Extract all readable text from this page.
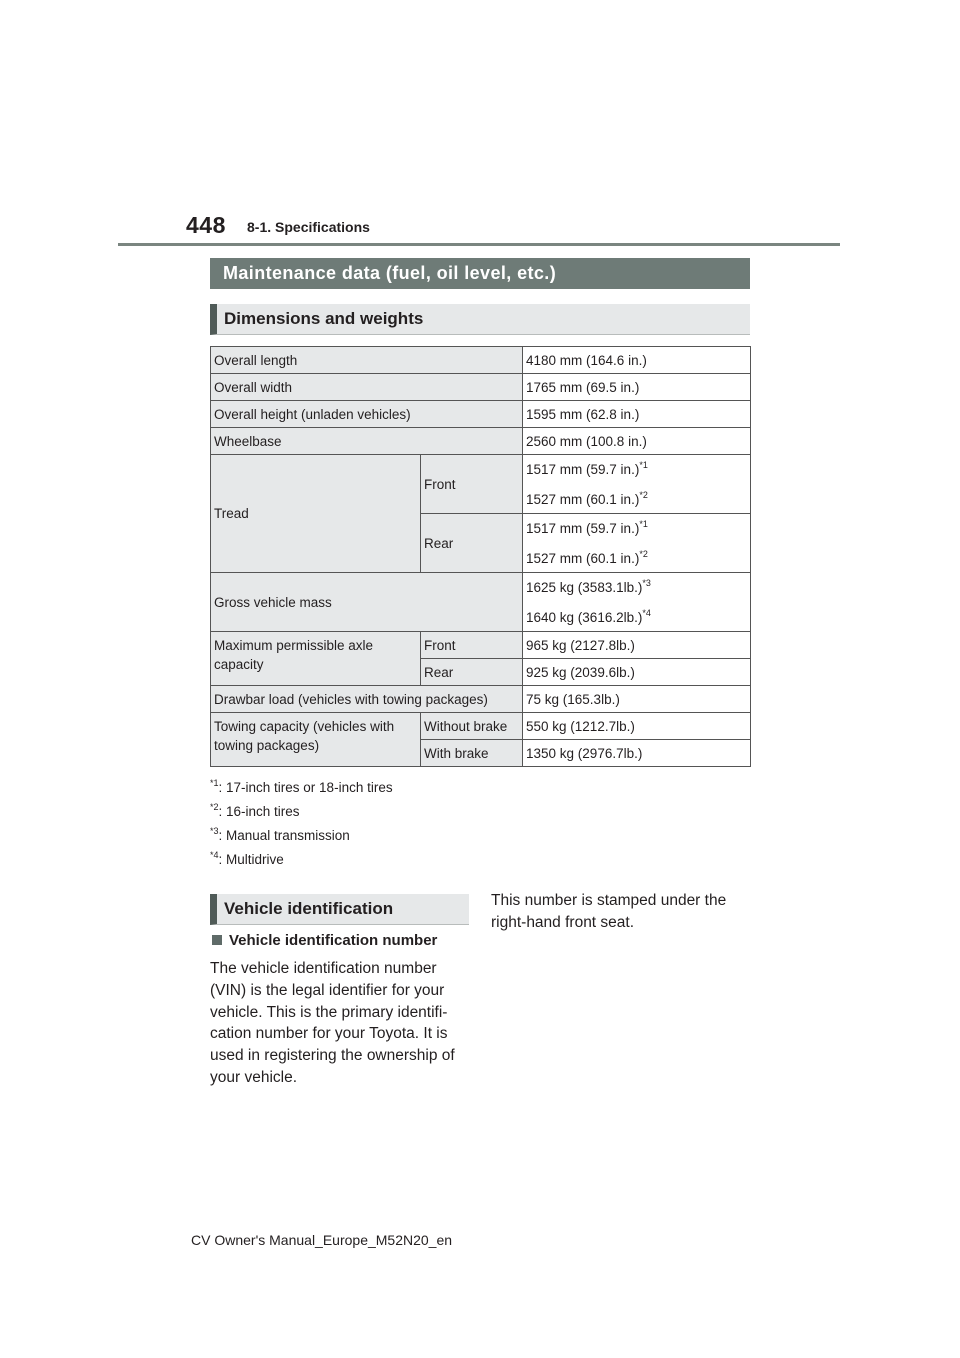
448 8-1. Specifications
Maintenance data (fuel, oil level, etc.)
Dimensions and weights
Overall length		4180 mm (164.6 in.)
Overall width		1765 mm (69.5 in.)
Overall height (unladen vehicles)		1595 mm (62.8 in.)
Wheelbase		2560 mm (100.8 in.)
Tread	Front	1517 mm (59.7 in.)$^{*1}$
1527 mm (60.1 in.)$^{*2}$

	Rear	1517 mm (59.7 in.)$^{*1}$
1527 mm (60.1 in.)$^{*2}$

Gross vehicle mass		1625 kg $(3583.1lb.)^{*3}$
1640 kg $(3616.2lb.)^{*4}$

Maximum permissible axle capacity	Front	965 kg (2127.8lb.)
	Rear	925 kg (2039.6lb.)
Drawbar load (vehicles with towing packages)		75 kg (165.3lb.)
Towing capacity (vehicles with towing packages)	Without brake	550 kg (1212.7lb.)
	With brake	1350 kg (2976.7lb.)
$^{*1}$: 17-inch tires or 18-inch tires
$^{*2}$: 16-inch tires
$^{*3}$: Manual transmission
$^{*4}$: Multidrive
Vehicle identification
Vehicle identification number
The vehicle identification number (VIN) is the legal identifier for your vehicle. This is the primary identifi-cation number for your Toyota. It is used in registering the ownership of your vehicle.
This number is stamped under the right-hand front seat.
CV Owner's Manual_Europe_M52N20_en
